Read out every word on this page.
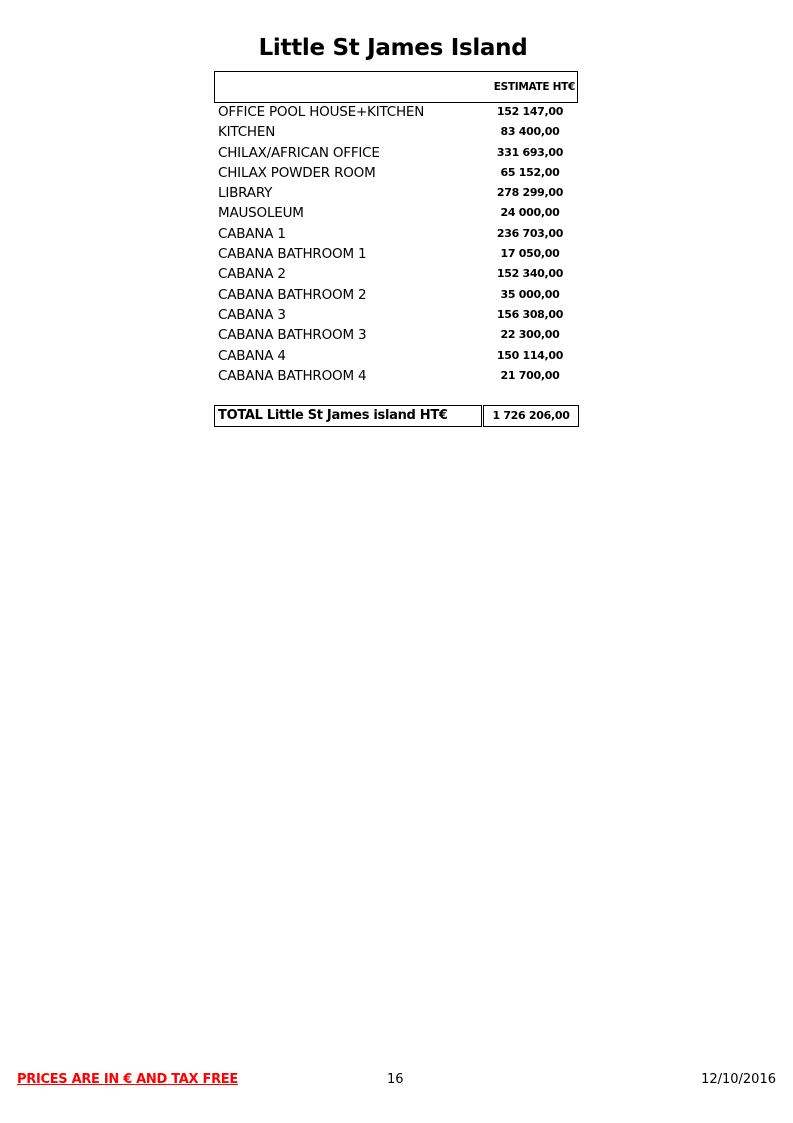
Little St James Island
ESTIMATE HT€
OFFICE POOL HOUSE+KITCHEN	152 147,00
KITCHEN	83 400,00
CHILAX/AFRICAN OFFICE	331 693,00
CHILAX POWDER ROOM	65 152,00
LIBRARY	278 299,00
MAUSOLEUM	24 000,00
CABANA 1	236 703,00
CABANA BATHROOM 1	17 050,00
CABANA 2	152 340,00
CABANA BATHROOM 2	35 000,00
CABANA 3	156 308,00
CABANA BATHROOM 3	22 300,00
CABANA 4	150 114,00
CABANA BATHROOM 4	21 700,00
TOTAL Little St James island HT€	1 726 206,00
PRICES ARE IN € AND TAX FREE	16	12/10/2016
